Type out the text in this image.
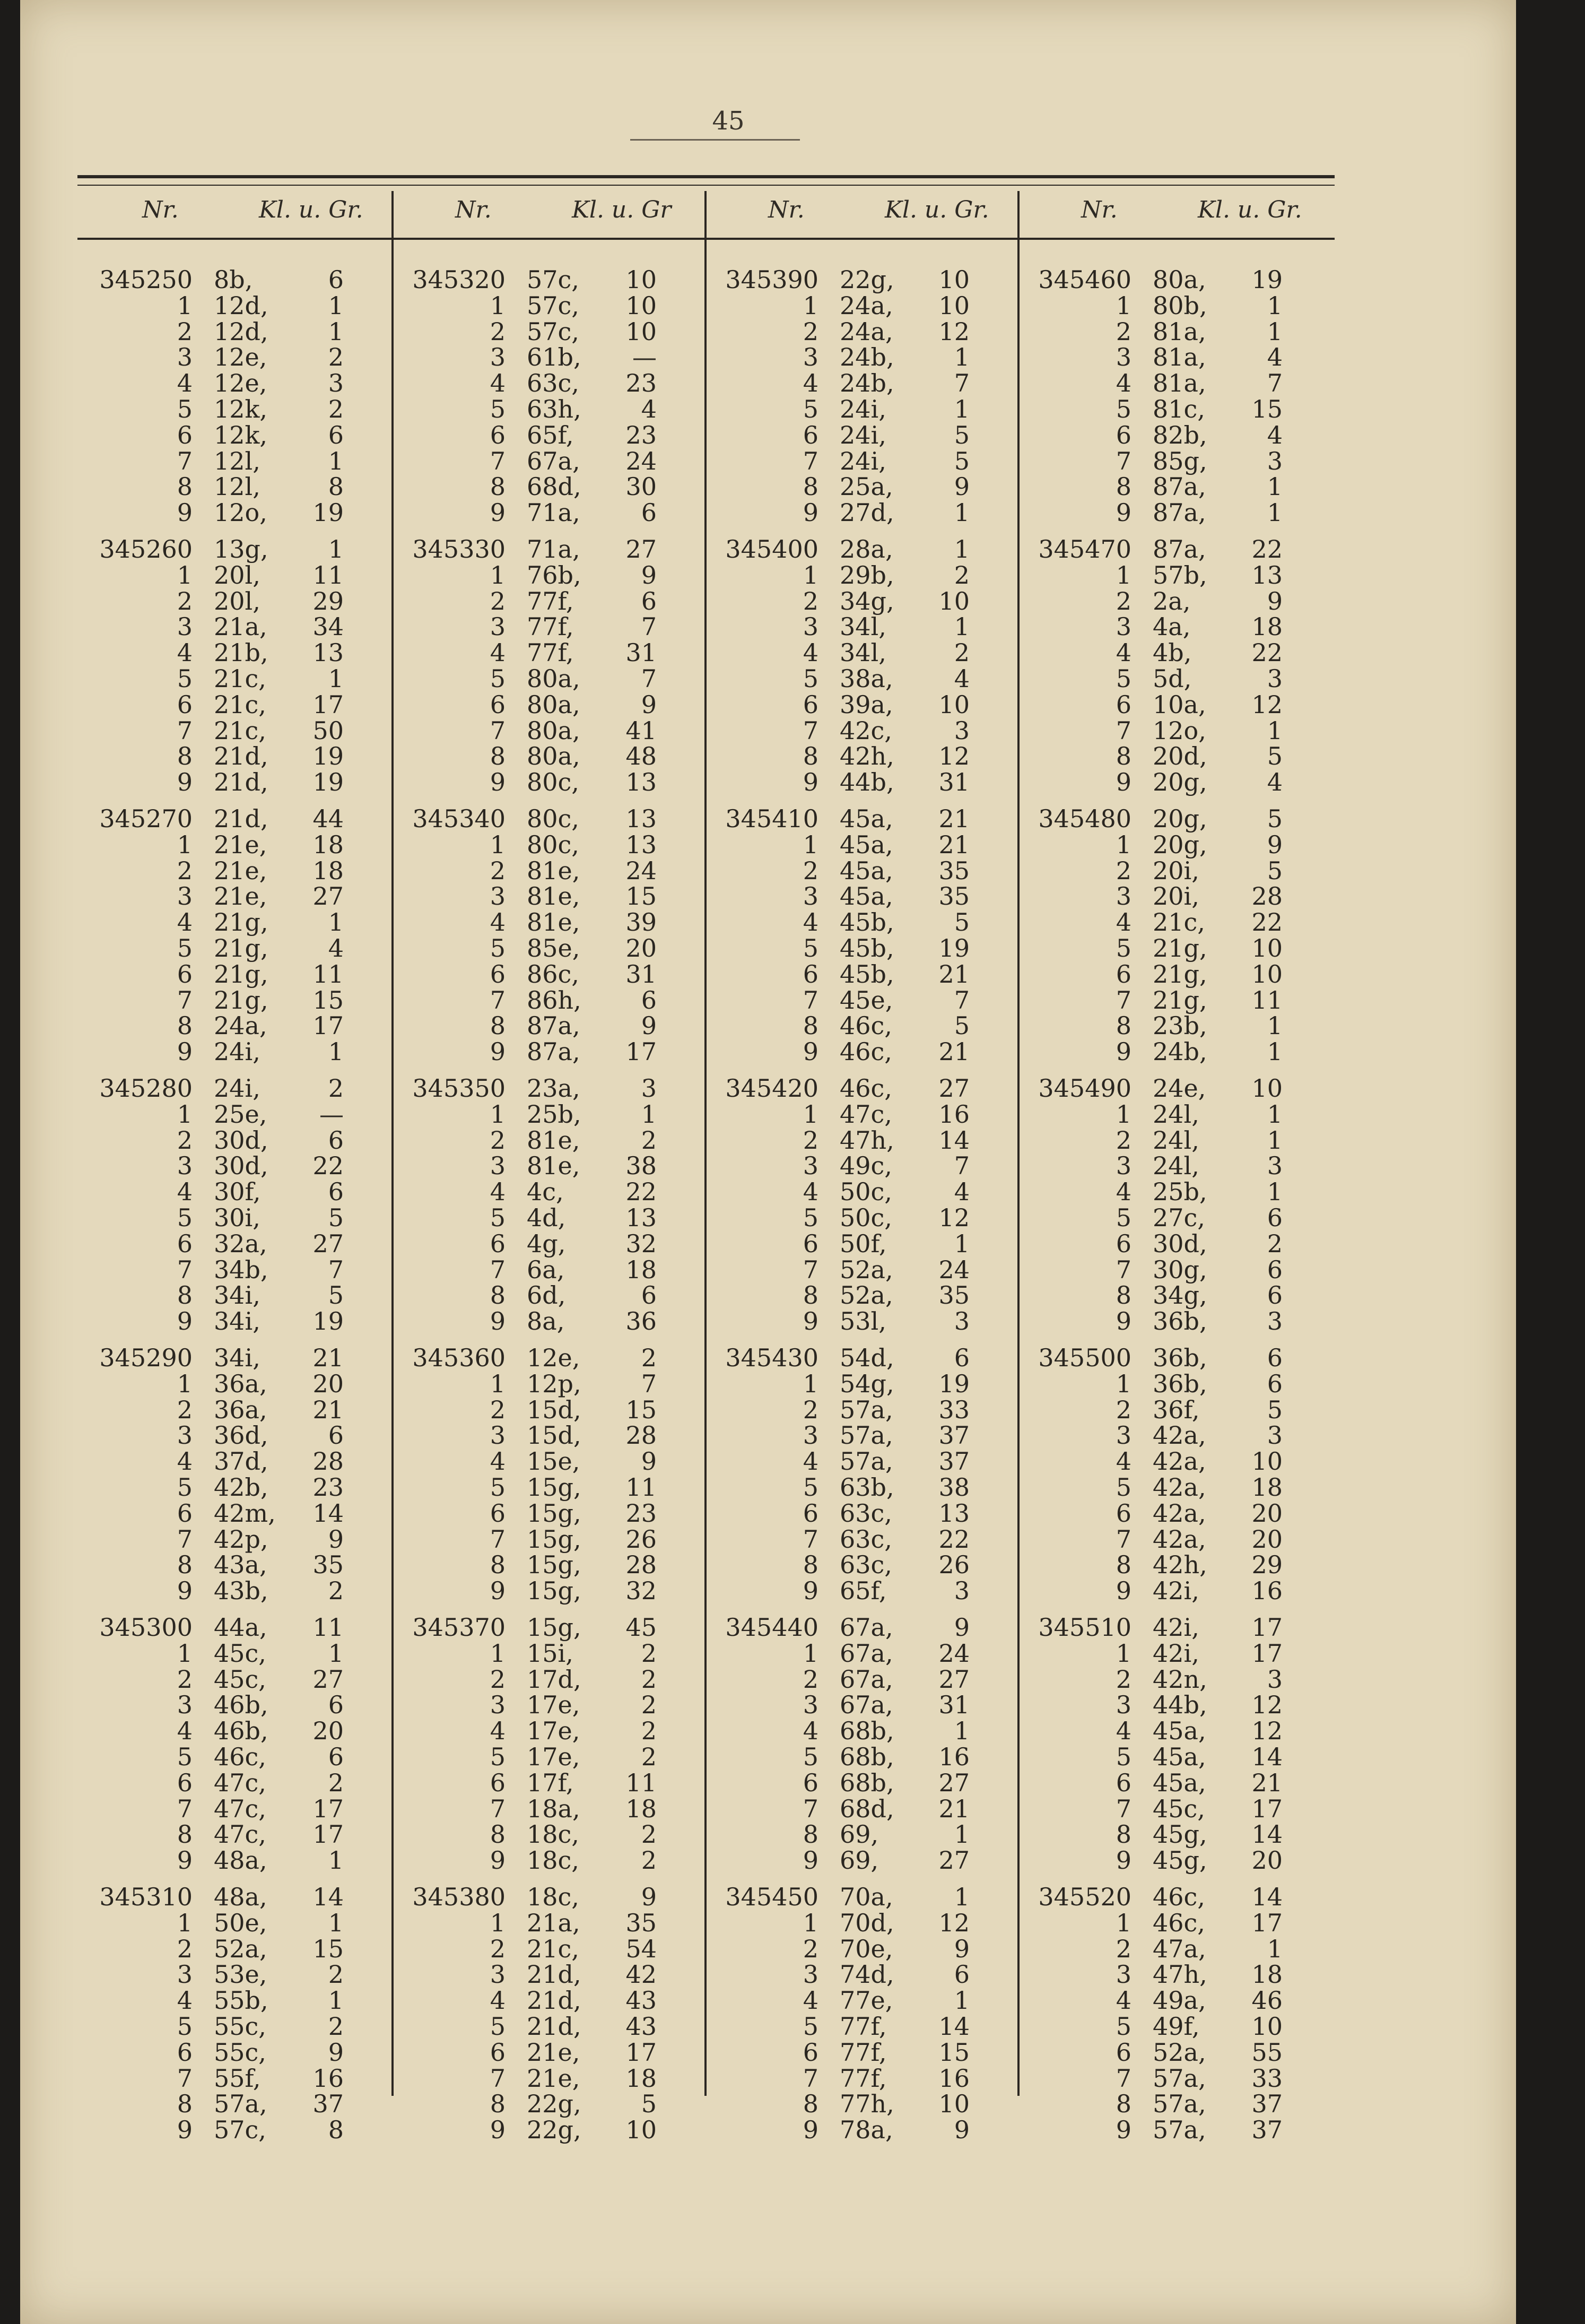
45
Nr.	Kl. u. Gr.	Nr.	Kl. u. Gr	Nr.	Kl. u. Gr.	Nr.	Kl. u. Gr.
345250 8b,	6
1 12d,	1
2 12d,	1
3 12e,	2
4 12e,	3
5 12k,	2
6 12k,	6
7 12l,	1
8 12l,	8
9 12o,	19
345260 13g,	1
1 20l,	11
2 20l,	29
3 21a,	34
4 21b,	13
5 21c,	1
6 21c,	17
7 21c,	50
8 21d,	19
9 21d,	19
345270 21d,	44
1 21e,	18
2 21e,	18
3 21e,	27
4 21g,	1
5 21g,	4
6 21g,	11
7 21g,	15
8 24a,	17
9 24i,	1
345280 24i,	2
1 25e,	—
2 30d,	6
3 30d,	22
4 30f,	6
5 30i,	5
6 32a,	27
7 34b,	7
8 34i,	5
9 34i,	19
345290 34i,	21
1 36a,	20
2 36a,	21
3 36d,	6
4 37d,	28
5 42b,	23
6 42m,	14
7 42p,	9
8 43a,	35
9 43b,	2
345300 44a,	11
1 45c,	1
2 45c,	27
3 46b,	6
4 46b,	20
5 46c,	6
6 47c,	2
7 47c,	17
8 47c,	17
9 48a,	1
345310 48a,	14
1 50e,	1
2 52a,	15
3 53e,	2
4 55b,	1
5 55c,	2
6 55c,	9
7 55f,	16
8 57a,	37
9 57c,	8
345320 57c,	10
1 57c,	10
2 57c,	10
3 61b,	—
4 63c,	23
5 63h,	4
6 65f,	23
7 67a,	24
8 68d,	30
9 71a,	6
345330 71a,	27
1 76b,	9
2 77f,	6
3 77f,	7
4 77f,	31
5 80a,	7
6 80a,	9
7 80a,	41
8 80a,	48
9 80c,	13
345340 80c,	13
1 80c,	13
2 81e,	24
3 81e,	15
4 81e,	39
5 85e,	20
6 86c,	31
7 86h,	6
8 87a,	9
9 87a,	17
345350 23a,	3
1 25b,	1
2 81e,	2
3 81e,	38
4 4c,	22
5 4d,	13
6 4g,	32
7 6a,	18
8 6d,	6
9 8a,	36
345360 12e,	2
1 12p,	7
2 15d,	15
3 15d,	28
4 15e,	9
5 15g,	11
6 15g,	23
7 15g,	26
8 15g,	28
9 15g,	32
345370 15g,	45
1 15i,	2
2 17d,	2
3 17e,	2
4 17e,	2
5 17e,	2
6 17f,	11
7 18a,	18
8 18c,	2
9 18c,	2
345380 18c,	9
1 21a,	35
2 21c,	54
3 21d,	42
4 21d,	43
5 21d,	43
6 21e,	17
7 21e,	18
8 22g,	5
9 22g,	10
345390 22g,	10
1 24a,	10
2 24a,	12
3 24b,	1
4 24b,	7
5 24i,	1
6 24i,	5
7 24i,	5
8 25a,	9
9 27d,	1
345400 28a,	1
1 29b,	2
2 34g,	10
3 34l,	1
4 34l,	2
5 38a,	4
6 39a,	10
7 42c,	3
8 42h,	12
9 44b,	31
345410 45a,	21
1 45a,	21
2 45a,	35
3 45a,	35
4 45b,	5
5 45b,	19
6 45b,	21
7 45e,	7
8 46c,	5
9 46c,	21
345420 46c,	27
1 47c,	16
2 47h,	14
3 49c,	7
4 50c,	4
5 50c,	12
6 50f,	1
7 52a,	24
8 52a,	35
9 53l,	3
345430 54d,	6
1 54g,	19
2 57a,	33
3 57a,	37
4 57a,	37
5 63b,	38
6 63c,	13
7 63c,	22
8 63c,	26
9 65f,	3
345440 67a,	9
1 67a,	24
2 67a,	27
3 67a,	31
4 68b,	1
5 68b,	16
6 68b,	27
7 68d,	21
8 69,	1
9 69,	27
345450 70a,	1
1 70d,	12
2 70e,	9
3 74d,	6
4 77e,	1
5 77f,	14
6 77f,	15
7 77f,	16
8 77h,	10
9 78a,	9
345460 80a,	19
1 80b,	1
2 81a,	1
3 81a,	4
4 81a,	7
5 81c,	15
6 82b,	4
7 85g,	3
8 87a,	1
9 87a,	1
345470 87a,	22
1 57b,	13
2 2a,	9
3 4a,	18
4 4b,	22
5 5d,	3
6 10a,	12
7 12o,	1
8 20d,	5
9 20g,	4
345480 20g,	5
1 20g,	9
2 20i,	5
3 20i,	28
4 21c,	22
5 21g,	10
6 21g,	10
7 21g,	11
8 23b,	1
9 24b,	1
345490 24e,	10
1 24l,	1
2 24l,	1
3 24l,	3
4 25b,	1
5 27c,	6
6 30d,	2
7 30g,	6
8 34g,	6
9 36b,	3
345500 36b,	6
1 36b,	6
2 36f,	5
3 42a,	3
4 42a,	10
5 42a,	18
6 42a,	20
7 42a,	20
8 42h,	29
9 42i,	16
345510 42i,	17
1 42i,	17
2 42n,	3
3 44b,	12
4 45a,	12
5 45a,	14
6 45a,	21
7 45c,	17
8 45g,	14
9 45g,	20
345520 46c,	14
1 46c,	17
2 47a,	1
3 47h,	18
4 49a,	46
5 49f,	10
6 52a,	55
7 57a,	33
8 57a,	37
9 57a,	37
